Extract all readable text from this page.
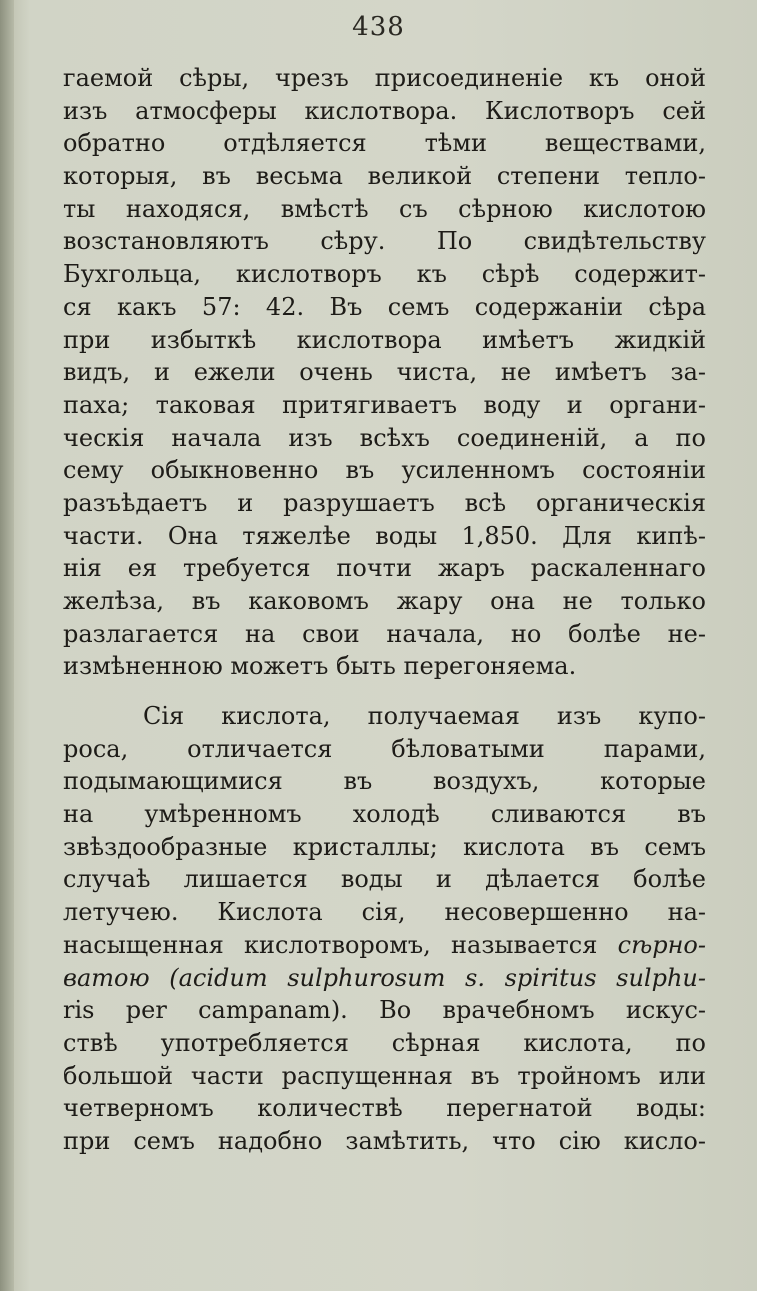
438
гаемой сѣры, чрезъ присоединеніе къ оной
изъ атмосферы кислотвора. Кислотворъ сей
обратно отдѣляется тѣми веществами,
которыя, въ весьма великой степени тепло-
ты находяся, вмѣстѣ съ сѣрною кислотою
возстановляютъ сѣру. По свидѣтельству
Бухгольца, кислотворъ къ сѣрѣ содержит-
ся какъ 57: 42. Въ семъ содержаніи сѣра
при избыткѣ кислотвора имѣетъ жидкій
видъ, и ежели очень чиста, не имѣетъ за-
паха; таковая притягиваетъ воду и органи-
ческія начала изъ всѣхъ соединеній, а по
сему обыкновенно въ усиленномъ состояніи
разъѣдаетъ и разрушаетъ всѣ органическія
части. Она тяжелѣе воды 1,850. Для кипѣ-
нія ея требуется почти жаръ раскаленнаго
желѣза, въ каковомъ жару она не только
разлагается на свои начала, но болѣе не-
измѣненною можетъ быть перегоняема.
Сія кислота, получаемая изъ купо-
роса, отличается бѣловатыми парами,
подымающимися въ воздухъ, которые
на умѣренномъ холодѣ сливаются въ
звѣздообразные кристаллы; кислота въ семъ
случаѣ лишается воды и дѣлается болѣе
летучею. Кислота сія, несовершенно на-
насыщенная кислотворомъ, называется сѣрно-
ватою (acidum sulphurosum s. spiritus sulphu-
ris per campanam). Во врачебномъ искус-
ствѣ употребляется сѣрная кислота, по
большой части распущенная въ тройномъ или
четверномъ количествѣ перегнатой воды:
при семъ надобно замѣтить, что сію кисло-
